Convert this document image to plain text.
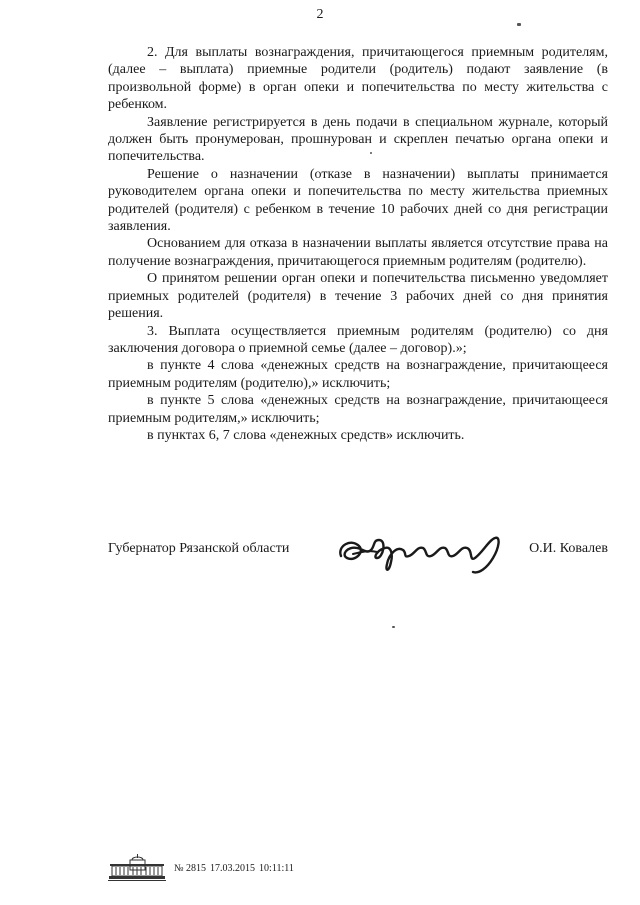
2

2. Для выплаты вознаграждения, причитающегося приемным родителям, (далее – выплата) приемные родители (родитель) подают заявление (в произвольной форме) в орган опеки и попечительства по месту жительства с ребенком.

Заявление регистрируется в день подачи в специальном журнале, который должен быть пронумерован, прошнурован и скреплен печатью органа опеки и попечительства.

Решение о назначении (отказе в назначении) выплаты принимается руководителем органа опеки и попечительства по месту жительства приемных родителей (родителя) с ребенком в течение 10 рабочих дней со дня регистрации заявления.

Основанием для отказа в назначении выплаты является отсутствие права на получение вознаграждения, причитающегося приемным родителям (родителю).

О принятом решении орган опеки и попечительства письменно уведомляет приемных родителей (родителя) в течение 3 рабочих дней со дня принятия решения.

3. Выплата осуществляется приемным родителям (родителю) со дня заключения договора о приемной семье (далее – договор).»;

в пункте 4 слова «денежных средств на вознаграждение, причитающееся приемным родителям (родителю),» исключить;

в пункте 5 слова «денежных средств на вознаграждение, причитающееся приемным родителям,» исключить;

в пунктах 6, 7 слова «денежных средств» исключить.

Губернатор Рязанской области	О.И. Ковалев
№ 2815 17.03.2015 10:11:11
